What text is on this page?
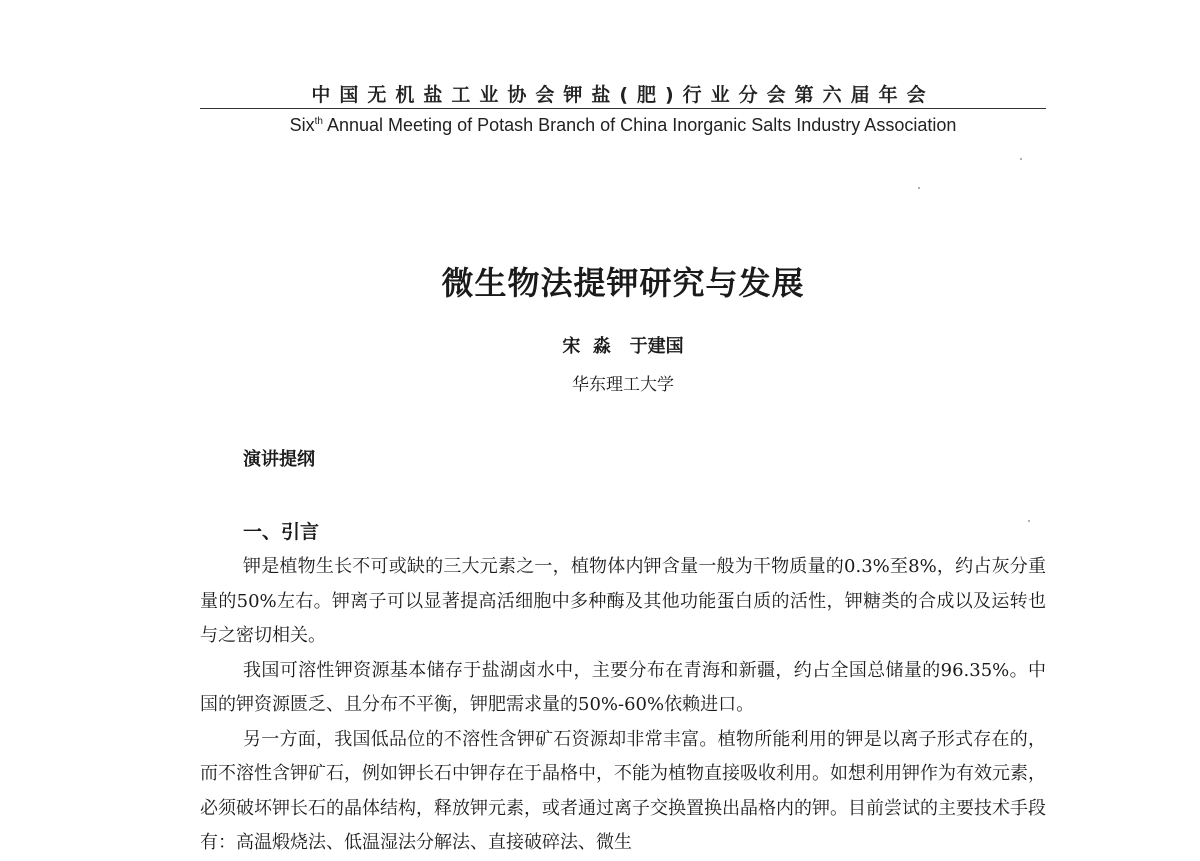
中国无机盐工业协会钾盐(肥)行业分会第六届年会
Six$^{th}$ Annual Meeting of Potash Branch of China Inorganic Salts Industry Association
微生物法提钾研究与发展
宋  淼   于建国
华东理工大学
演讲提纲
一、引言

钾是植物生长不可或缺的三大元素之一，植物体内钾含量一般为干物质量的0.3%至8%，约占灰分重量的50%左右。钾离子可以显著提高活细胞中多种酶及其他功能蛋白质的活性，钾糖类的合成以及运转也与之密切相关。

我国可溶性钾资源基本储存于盐湖卤水中，主要分布在青海和新疆，约占全国总储量的96.35%。中国的钾资源匮乏、且分布不平衡，钾肥需求量的50%-60%依赖进口。

另一方面，我国低品位的不溶性含钾矿石资源却非常丰富。植物所能利用的钾是以离子形式存在的，而不溶性含钾矿石，例如钾长石中钾存在于晶格中，不能为植物直接吸收利用。如想利用钾作为有效元素，必须破坏钾长石的晶体结构，释放钾元素，或者通过离子交换置换出晶格内的钾。目前尝试的主要技术手段有：高温煅烧法、低温湿法分解法、直接破碎法、微生
